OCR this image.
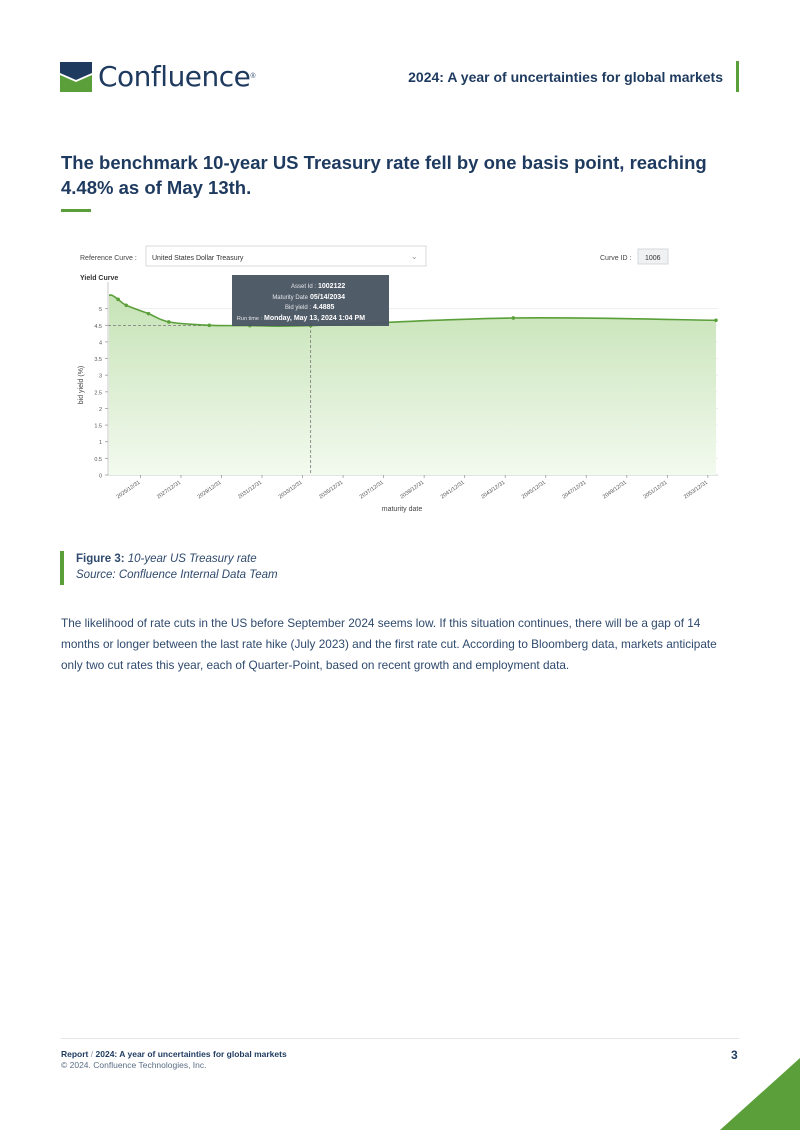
Confluence ®	2024: A year of uncertainties for global markets
The benchmark 10-year US Treasury rate fell by one basis point, reaching 4.48% as of May 13th.
Reference Curve : United States Dollar Treasury	⌄	Curve ID : 1006
Yield Curve
0
0.5
1
1.5
2
2.5
3
3.5
4
4.5
5
2025/12/31	2027/12/31	2029/12/31	2031/12/31	2033/12/31	2035/12/31	2037/12/31	2039/12/31	2041/12/31	2043/12/31	2045/12/31	2047/12/31	2049/12/31	2051/12/31	2053/12/31
bid yield (%)
maturity date
Asset Id : 1002122
Maturity Date 05/14/2034
Bid yield : 4.4885
Run time : Monday, May 13, 2024 1:04 PM
Figure 3: 10-year US Treasury rate
Source: Confluence Internal Data Team
The likelihood of rate cuts in the US before September 2024 seems low. If this situation continues, there will be a gap of 14 months or longer between the last rate hike (July 2023) and the first rate cut. According to Bloomberg data, markets anticipate only two cut rates this year, each of Quarter-Point, based on recent growth and employment data.
Report / 2024: A year of uncertainties for global markets
© 2024. Confluence Technologies, Inc.
3
